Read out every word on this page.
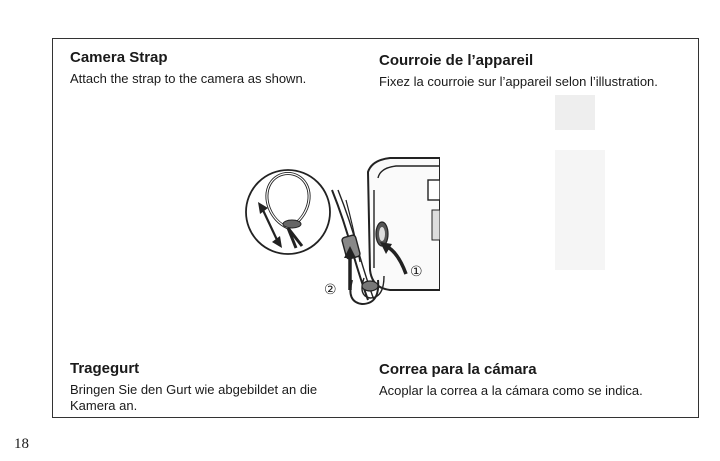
Camera Strap

Attach the strap to the camera as shown.

Courroie de l’appareil

Fixez la courroie sur l’appareil selon l’illustration.

Tragegurt

Bringen Sie den Gurt wie abgebildet an die
Kamera an.

Correa para la cámara

Acoplar la correa a la cámara como se indica.

①
②
18
